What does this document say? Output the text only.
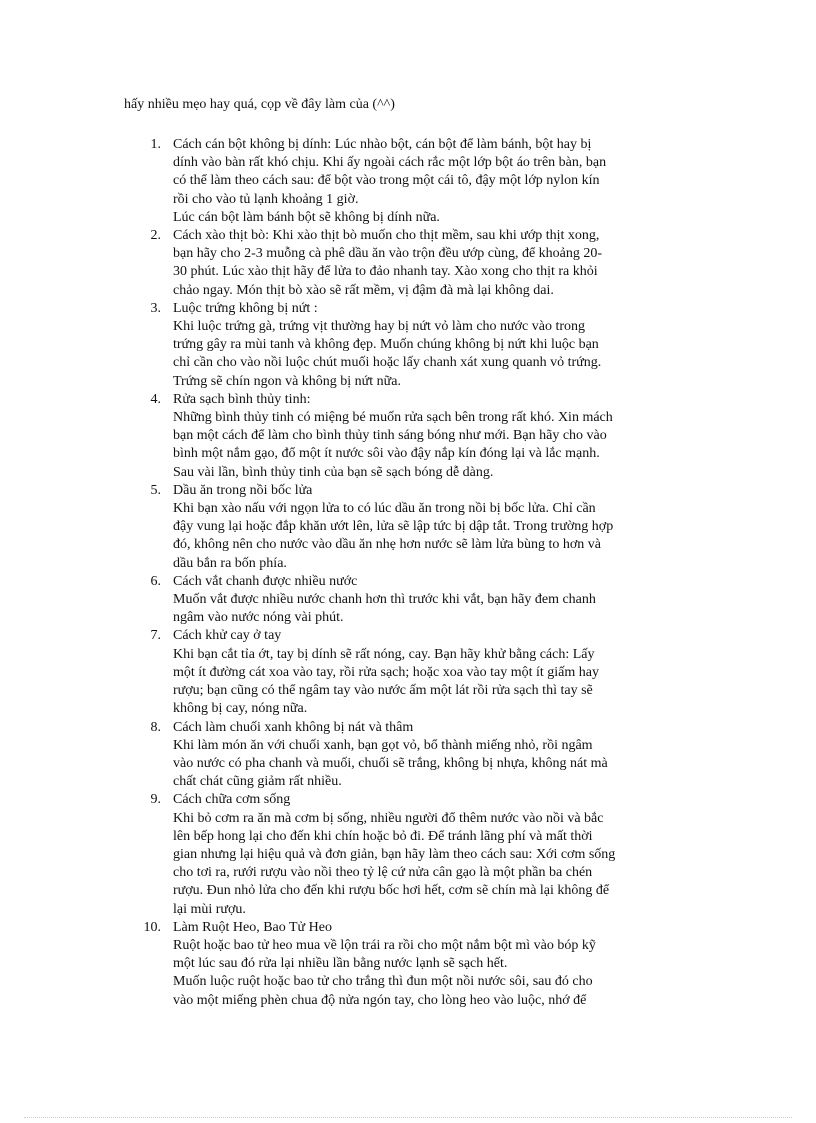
hấy nhiều mẹo hay quá, cọp về đây làm của (^^)
1. Cách cán bột không bị dính: Lúc nhào bột, cán bột để làm bánh, bột hay bị
dính vào bàn rất khó chịu. Khi ấy ngoài cách rắc một lớp bột áo trên bàn, bạn
có thể làm theo cách sau: để bột vào trong một cái tô, đậy một lớp nylon kín
rồi cho vào tủ lạnh khoảng 1 giờ.
Lúc cán bột làm bánh bột sẽ không bị dính nữa.
2. Cách xào thịt bò: Khi xào thịt bò muốn cho thịt mềm, sau khi ướp thịt xong,
bạn hãy cho 2-3 muỗng cà phê dầu ăn vào trộn đều ướp cùng, để khoảng 20-
30 phút. Lúc xào thịt hãy để lửa to đảo nhanh tay. Xào xong cho thịt ra khỏi
chảo ngay. Món thịt bò xào sẽ rất mềm, vị đậm đà mà lại không dai.
3. Luộc trứng không bị nứt :
Khi luộc trứng gà, trứng vịt thường hay bị nứt vỏ làm cho nước vào trong
trứng gây ra mùi tanh và không đẹp. Muốn chúng không bị nứt khi luộc bạn
chỉ cần cho vào nồi luộc chút muối hoặc lấy chanh xát xung quanh vỏ trứng.
Trứng sẽ chín ngon và không bị nứt nữa.
4. Rửa sạch bình thủy tinh:
Những bình thủy tinh có miệng bé muốn rửa sạch bên trong rất khó. Xin mách
bạn một cách để làm cho bình thủy tinh sáng bóng như mới. Bạn hãy cho vào
bình một nắm gạo, đổ một ít nước sôi vào đậy nắp kín đóng lại và lắc mạnh.
Sau vài lần, bình thủy tinh của bạn sẽ sạch bóng dễ dàng.
5. Dầu ăn trong nồi bốc lửa
Khi bạn xào nấu với ngọn lửa to có lúc dầu ăn trong nồi bị bốc lửa. Chỉ cần
đậy vung lại hoặc đắp khăn ướt lên, lửa sẽ lập tức bị dập tắt. Trong trường hợp
đó, không nên cho nước vào dầu ăn nhẹ hơn nước sẽ làm lửa bùng to hơn và
dầu bắn ra bốn phía.
6. Cách vắt chanh được nhiều nước
Muốn vắt được nhiều nước chanh hơn thì trước khi vắt, bạn hãy đem chanh
ngâm vào nước nóng vài phút.
7. Cách khử cay ở tay
Khi bạn cắt tỉa ớt, tay bị dính sẽ rất nóng, cay. Bạn hãy khử bằng cách: Lấy
một ít đường cát xoa vào tay, rồi rửa sạch; hoặc xoa vào tay một ít giấm hay
rượu; bạn cũng có thể ngâm tay vào nước ấm một lát rồi rửa sạch thì tay sẽ
không bị cay, nóng nữa.
8. Cách làm chuối xanh không bị nát và thâm
Khi làm món ăn với chuối xanh, bạn gọt vỏ, bổ thành miếng nhỏ, rồi ngâm
vào nước có pha chanh và muối, chuối sẽ trắng, không bị nhựa, không nát mà
chất chát cũng giảm rất nhiều.
9. Cách chữa cơm sống
Khi bỏ cơm ra ăn mà cơm bị sống, nhiều người đổ thêm nước vào nồi và bắc
lên bếp hong lại cho đến khi chín hoặc bỏ đi. Để tránh lãng phí và mất thời
gian nhưng lại hiệu quả và đơn giản, bạn hãy làm theo cách sau: Xới cơm sống
cho tơi ra, rưới rượu vào nồi theo tỷ lệ cứ nửa cân gạo là một phần ba chén
rượu. Đun nhỏ lửa cho đến khi rượu bốc hơi hết, cơm sẽ chín mà lại không để
lại mùi rượu.
10. Làm Ruột Heo, Bao Tử Heo
Ruột hoặc bao tử heo mua về lộn trái ra rồi cho một nắm bột mì vào bóp kỹ
một lúc sau đó rửa lại nhiều lần bằng nước lạnh sẽ sạch hết.
Muốn luộc ruột hoặc bao tử cho trắng thì đun một nồi nước sôi, sau đó cho
vào một miếng phèn chua độ nửa ngón tay, cho lòng heo vào luộc, nhớ để
